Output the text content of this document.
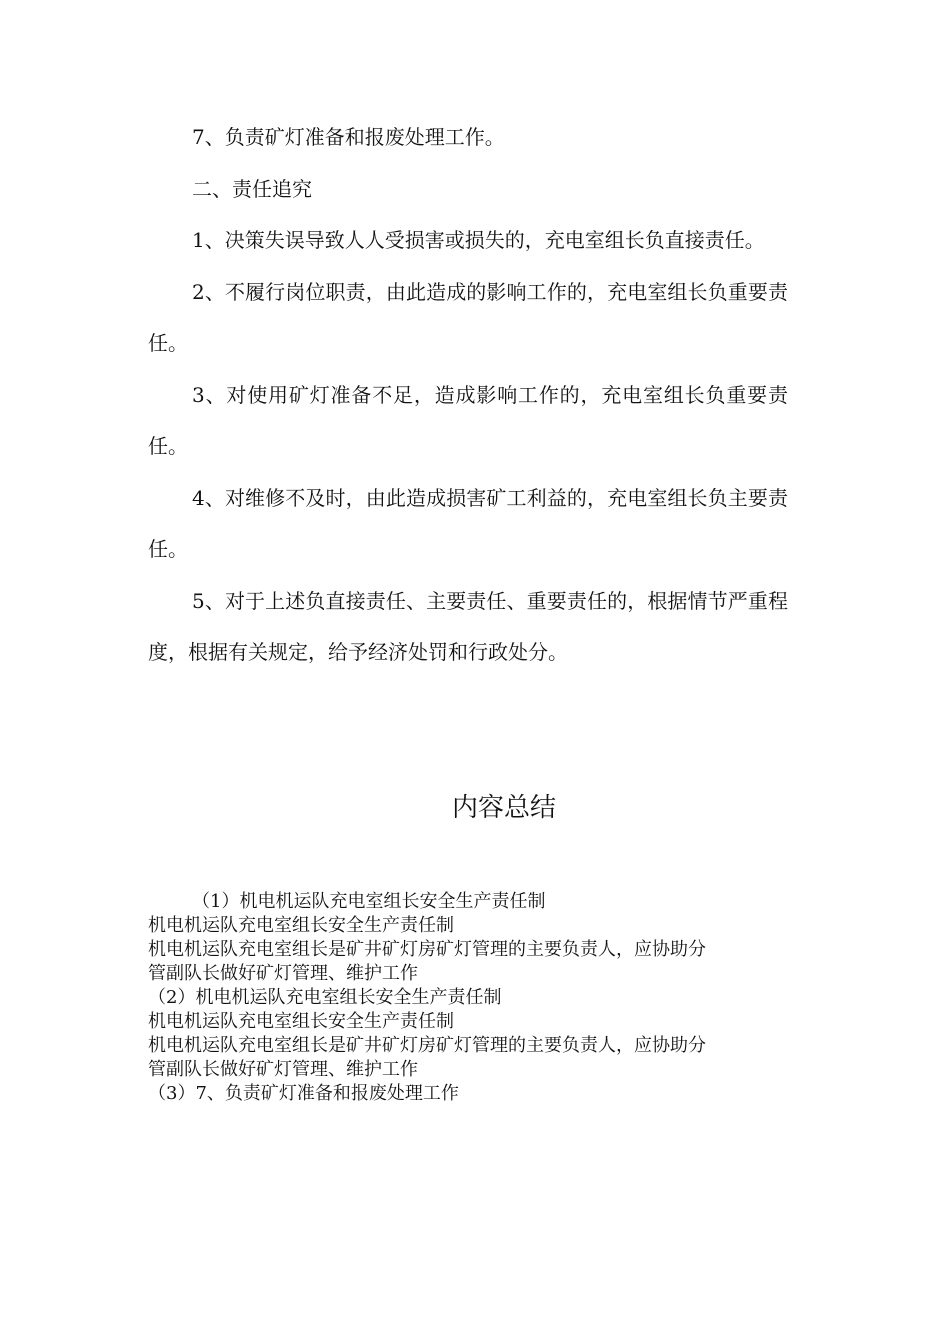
7、负责矿灯准备和报废处理工作。

二、责任追究

1、决策失误导致人人受损害或损失的，充电室组长负直接责任。

2、不履行岗位职责，由此造成的影响工作的，充电室组长负重要责任。

3、对使用矿灯准备不足，造成影响工作的，充电室组长负重要责任。

4、对维修不及时，由此造成损害矿工利益的，充电室组长负主要责任。

5、对于上述负直接责任、主要责任、重要责任的，根据情节严重程度，根据有关规定，给予经济处罚和行政处分。

内容总结

（1）机电机运队充电室组长安全生产责任制

机电机运队充电室组长安全生产责任制

机电机运队充电室组长是矿井矿灯房矿灯管理的主要负责人，应协助分

管副队长做好矿灯管理、维护工作

（2）机电机运队充电室组长安全生产责任制

机电机运队充电室组长安全生产责任制

机电机运队充电室组长是矿井矿灯房矿灯管理的主要负责人，应协助分

管副队长做好矿灯管理、维护工作

（3）7、负责矿灯准备和报废处理工作
